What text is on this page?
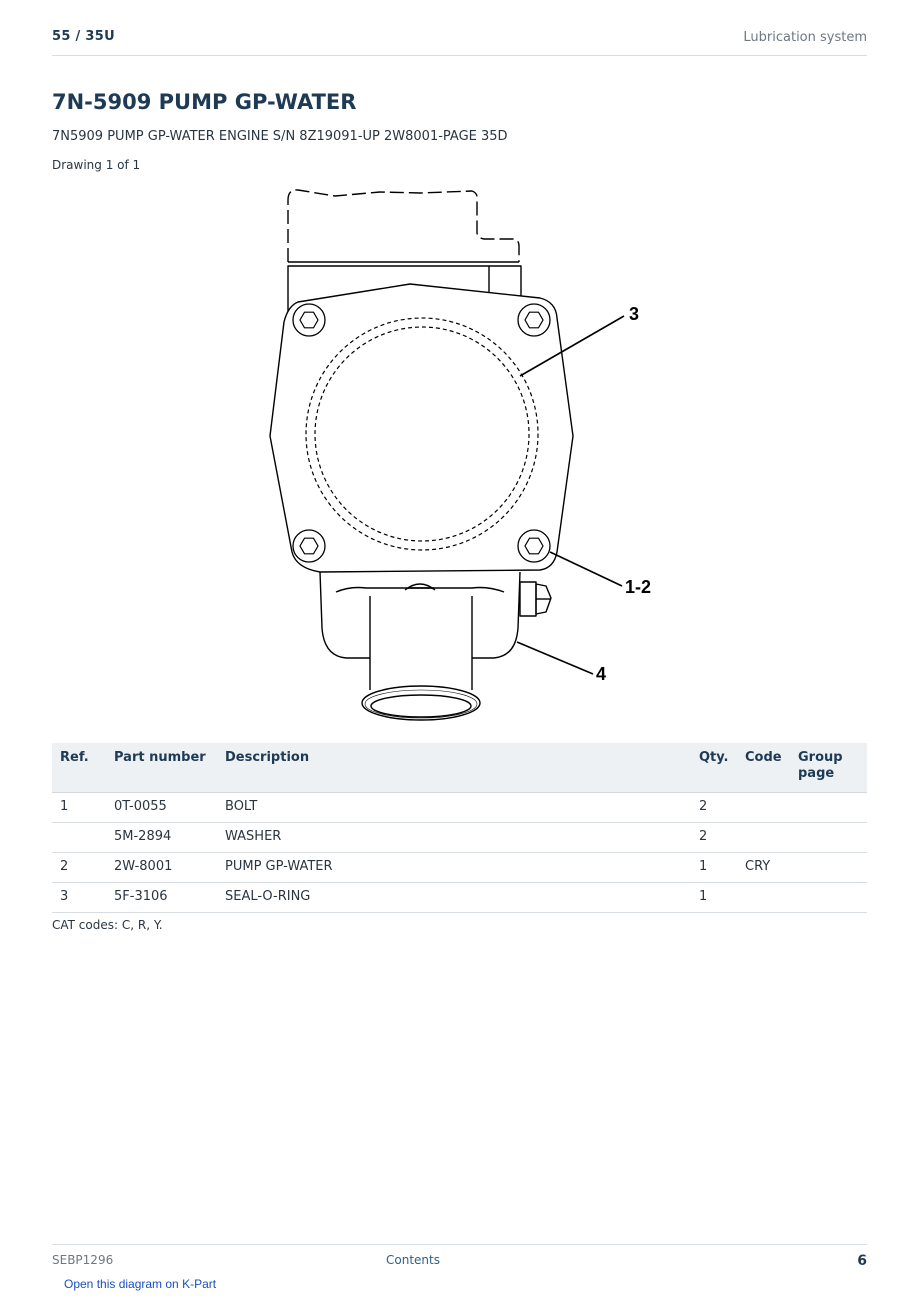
55 / 35U	Lubrication system
7N-5909 PUMP GP-WATER
7N5909 PUMP GP-WATER ENGINE S/N 8Z19091-UP 2W8001-PAGE 35D
Drawing 1 of 1
3
1-2
4
Ref.	Part number	Description	Qty.	Code	Group page
1	0T-0055	BOLT	2		
	5M-2894	WASHER	2		
2	2W-8001	PUMP GP-WATER	1	CRY	
3	5F-3106	SEAL-O-RING	1		
CAT codes: C, R, Y.
SEBP1296	Contents	6
Open this diagram on K-Part
